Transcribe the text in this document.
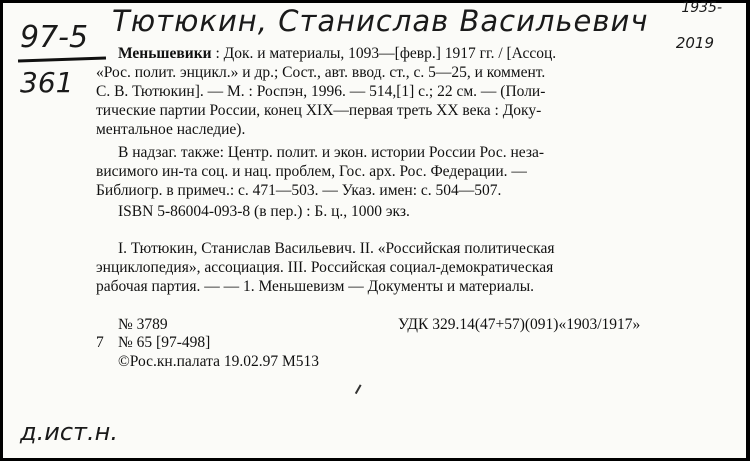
Тютюкин, Станислав Васильевич
97-5
361
1935-
2019
Меньшевики : Док. и материалы, 1093—[февр.] 1917 гг. / [Ассоц.
«Рос. полит. энцикл.» и др.; Сост., авт. ввод. ст., с. 5—25, и коммент.
С. В. Тютюкин]. — М. : Роспэн, 1996. — 514,[1] с.; 22 см. — (Поли-
тические партии России, конец XIX—первая треть XX века : Доку-
ментальное наследие).
В надзаг. также: Центр. полит. и экон. истории России Рос. неза-
висимого ин-та соц. и нац. проблем, Гос. арх. Рос. Федерации. —
Библиогр. в примеч.: с. 471—503. — Указ. имен: с. 504—507.
ISBN 5-86004-093-8 (в пер.) : Б. ц., 1000 экз.
I. Тютюкин, Станислав Васильевич. II. «Российская политическая
энциклопедия», ассоциация. III. Российская социал-демократическая
рабочая партия. — — 1. Меньшевизм — Документы и материалы.
№ 3789	УДК 329.14(47+57)(091)«1903/1917»
7 № 65 [97-498]
©Рос.кн.палата 19.02.97 М513
д.ист.н.
